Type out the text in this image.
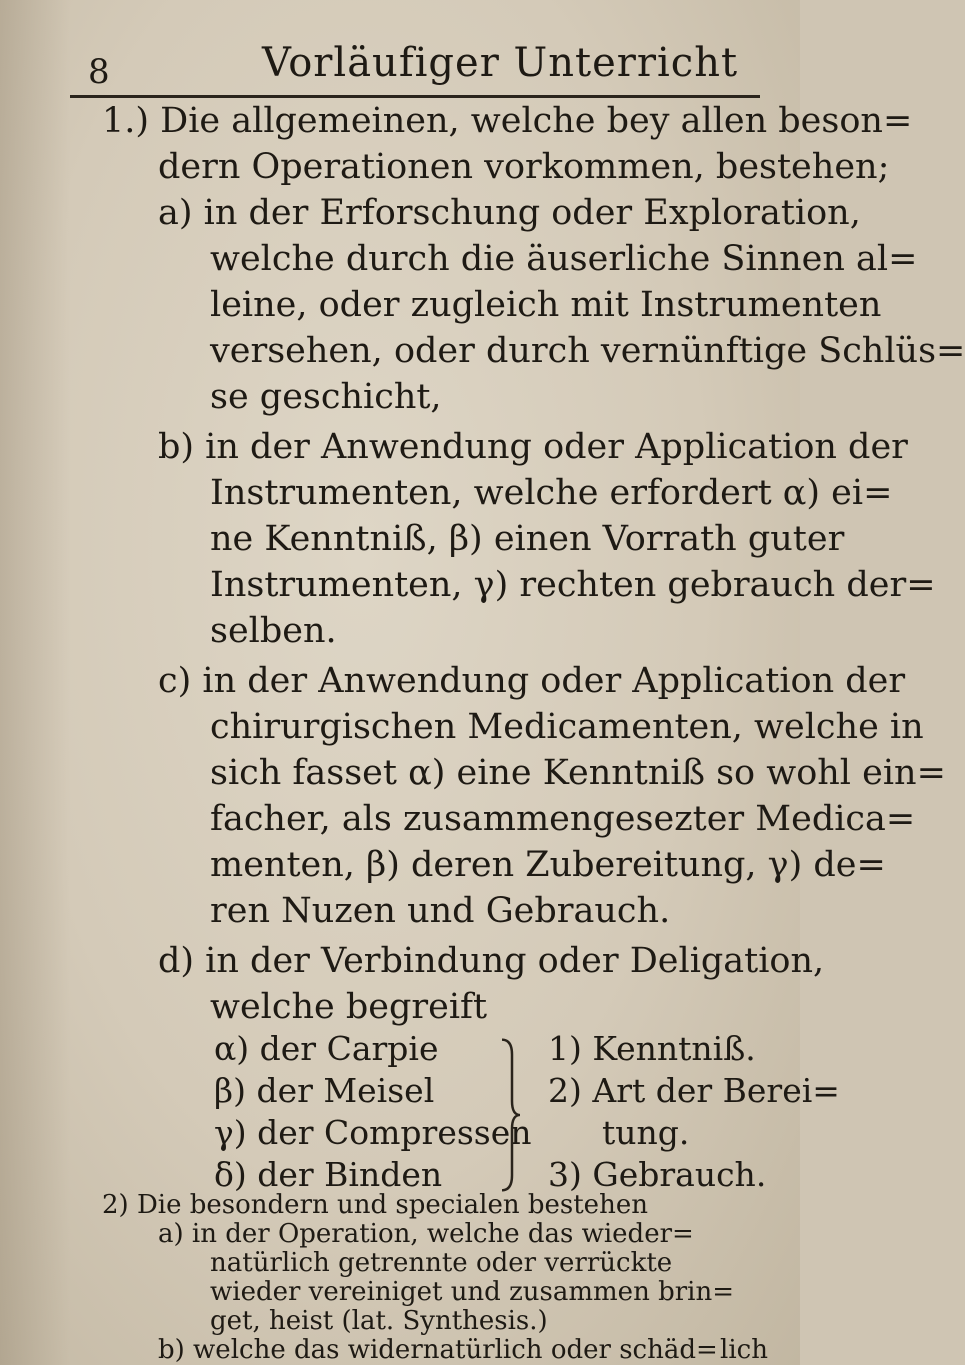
8	Vorläufiger Unterricht
1.) Die allgemeinen, welche bey allen beson=
dern Operationen vorkommen, bestehen;
a) in der Erforschung oder Exploration,
welche durch die äuserliche Sinnen al=
leine, oder zugleich mit Instrumenten
versehen, oder durch vernünftige Schlüs=
se geschicht,
b) in der Anwendung oder Application der
Instrumenten, welche erfordert α) ei=
ne Kenntniß, β) einen Vorrath guter
Instrumenten, γ) rechten gebrauch der=
selben.
c) in der Anwendung oder Application der
chirurgischen Medicamenten, welche in
sich fasset α) eine Kenntniß so wohl ein=
facher, als zusammengesezter Medica=
menten, β) deren Zubereitung, γ) de=
ren Nuzen und Gebrauch.
d) in der Verbindung oder Deligation,
welche begreift
α) der Carpie
β) der Meisel
γ) der Compressen
δ) der Binden
1) Kenntniß.
2) Art der Berei=
tung.
3) Gebrauch.
2) Die besondern und specialen bestehen
a) in der Operation, welche das wieder=
natürlich getrennte oder verrückte
wieder vereiniget und zusammen brin=
get, heist (lat. Synthesis.)
b) welche das widernatürlich oder schäd= lich
